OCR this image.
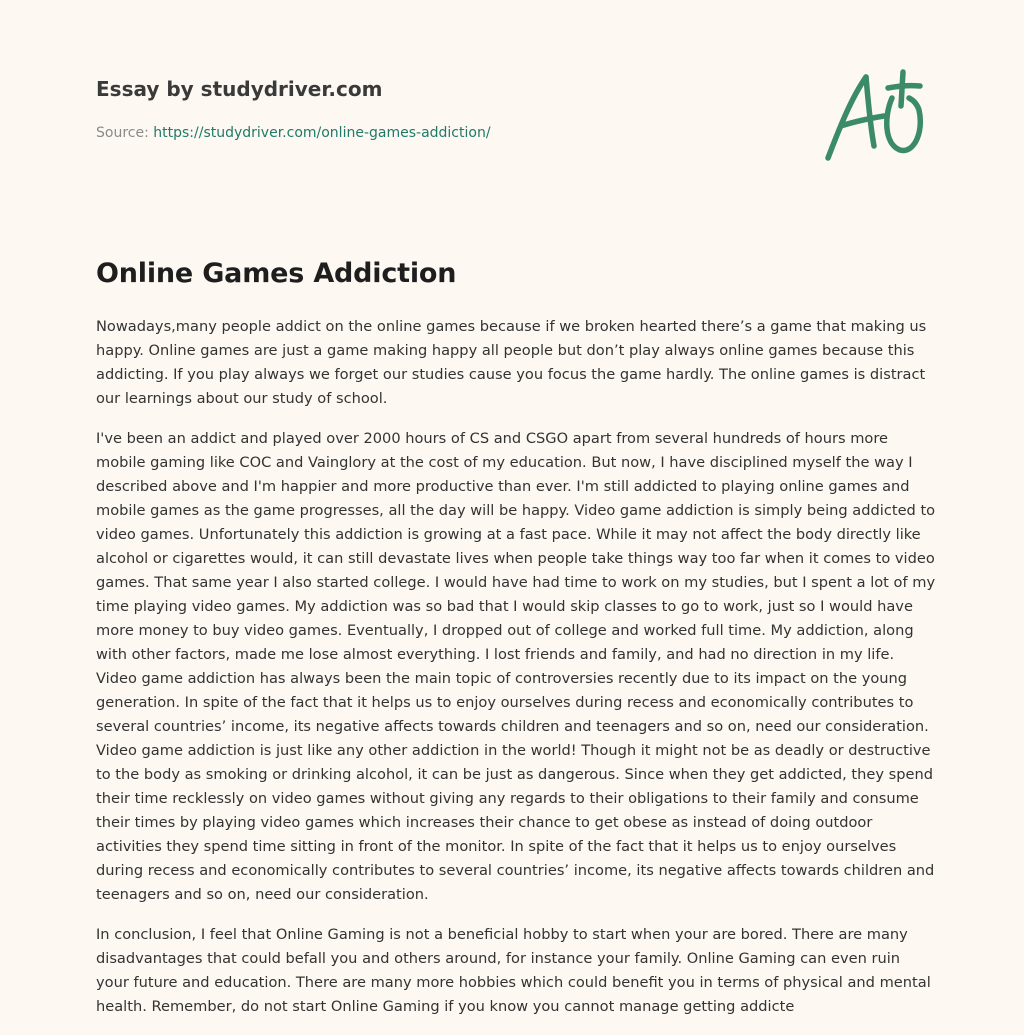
Essay by studydriver.com
Source: https://studydriver.com/online-games-addiction/
Online Games Addiction

Nowadays,many people addict on the online games because if we broken hearted there’s a game that making us happy. Online games are just a game making happy all people but don’t play always online games because this addicting. If you play always we forget our studies cause you focus the game hardly. The online games is distract our learnings about our study of school.

I've been an addict and played over 2000 hours of CS and CSGO apart from several hundreds of hours more mobile gaming like COC and Vainglory at the cost of my education. But now, I have disciplined myself the way I described above and I'm happier and more productive than ever. I'm still addicted to playing online games and mobile games as the game progresses, all the day will be happy. Video game addiction is simply being addicted to video games. Unfortunately this addiction is growing at a fast pace. While it may not affect the body directly like alcohol or cigarettes would, it can still devastate lives when people take things way too far when it comes to video games. That same year I also started college. I would have had time to work on my studies, but I spent a lot of my time playing video games. My addiction was so bad that I would skip classes to go to work, just so I would have more money to buy video games. Eventually, I dropped out of college and worked full time. My addiction, along with other factors, made me lose almost everything. I lost friends and family, and had no direction in my life. Video game addiction has always been the main topic of controversies recently due to its impact on the young generation. In spite of the fact that it helps us to enjoy ourselves during recess and economically contributes to several countries’ income, its negative affects towards children and teenagers and so on, need our consideration. Video game addiction is just like any other addiction in the world! Though it might not be as deadly or destructive to the body as smoking or drinking alcohol, it can be just as dangerous. Since when they get addicted, they spend their time recklessly on video games without giving any regards to their obligations to their family and consume their times by playing video games which increases their chance to get obese as instead of doing outdoor activities they spend time sitting in front of the monitor. In spite of the fact that it helps us to enjoy ourselves during recess and economically contributes to several countries’ income, its negative affects towards children and teenagers and so on, need our consideration.

In conclusion, I feel that Online Gaming is not a beneficial hobby to start when your are bored. There are many disadvantages that could befall you and others around, for instance your family. Online Gaming can even ruin your future and education. There are many more hobbies which could benefit you in terms of physical and mental health. Remember, do not start Online Gaming if you know you cannot manage getting addicte
